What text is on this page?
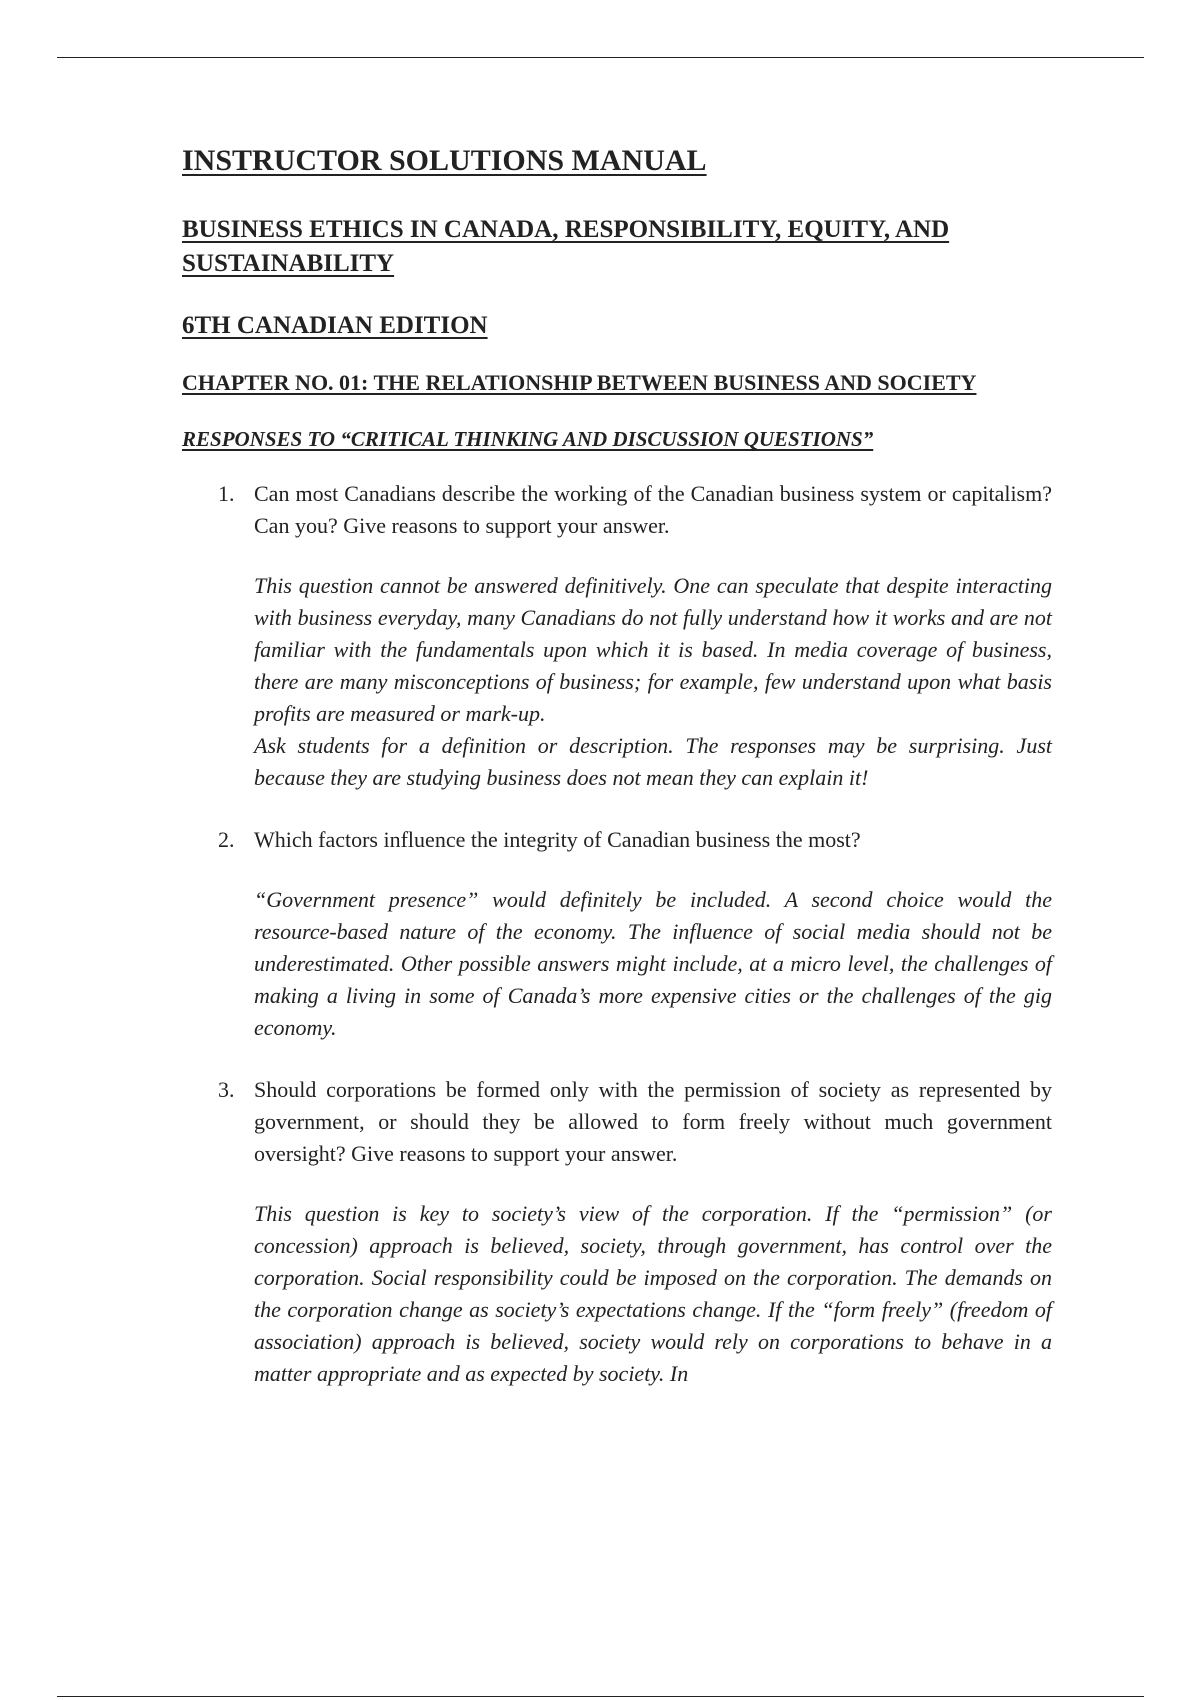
INSTRUCTOR SOLUTIONS MANUAL
BUSINESS ETHICS IN CANADA, RESPONSIBILITY, EQUITY, AND SUSTAINABILITY
6TH CANADIAN EDITION
CHAPTER NO. 01: THE RELATIONSHIP BETWEEN BUSINESS AND SOCIETY
RESPONSES TO “CRITICAL THINKING AND DISCUSSION QUESTIONS”
1. Can most Canadians describe the working of the Canadian business system or capitalism? Can you? Give reasons to support your answer.

This question cannot be answered definitively. One can speculate that despite interacting with business everyday, many Canadians do not fully understand how it works and are not familiar with the fundamentals upon which it is based. In media coverage of business, there are many misconceptions of business; for example, few understand upon what basis profits are measured or mark-up.

Ask students for a definition or description. The responses may be surprising. Just because they are studying business does not mean they can explain it!

2. Which factors influence the integrity of Canadian business the most?

“Government presence” would definitely be included. A second choice would the resource-based nature of the economy. The influence of social media should not be underestimated. Other possible answers might include, at a micro level, the challenges of making a living in some of Canada’s more expensive cities or the challenges of the gig economy.

3. Should corporations be formed only with the permission of society as represented by government, or should they be allowed to form freely without much government oversight? Give reasons to support your answer.

This question is key to society’s view of the corporation. If the “permission” (or concession) approach is believed, society, through government, has control over the corporation. Social responsibility could be imposed on the corporation. The demands on the corporation change as society’s expectations change. If the “form freely” (freedom of association) approach is believed, society would rely on corporations to behave in a matter appropriate and as expected by society. In
